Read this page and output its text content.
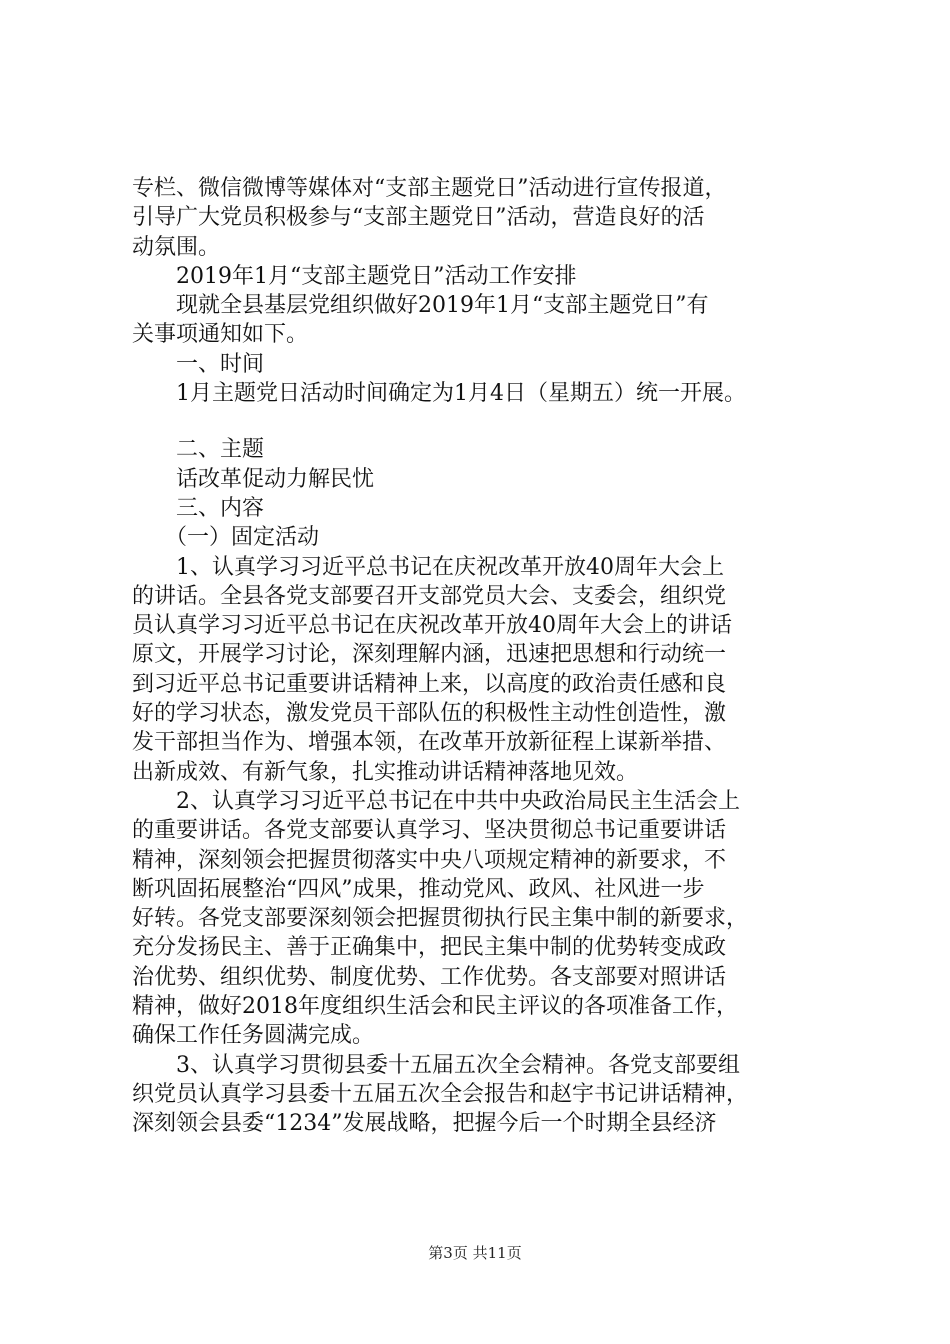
专栏、微信微博等媒体对“支部主题党日”活动进行宣传报道，
引导广大党员积极参与“支部主题党日”活动，营造良好的活
动氛围。
　　2019年1月“支部主题党日”活动工作安排
　　现就全县基层党组织做好2019年1月“支部主题党日”有
关事项通知如下。
　　一、时间
　　1月主题党日活动时间确定为1月4日（星期五）统一开展。
　　二、主题
　　话改革促动力解民忧
　　三、内容
　　（一）固定活动
　　1、认真学习习近平总书记在庆祝改革开放40周年大会上
的讲话。全县各党支部要召开支部党员大会、支委会，组织党
员认真学习习近平总书记在庆祝改革开放40周年大会上的讲话
原文，开展学习讨论，深刻理解内涵，迅速把思想和行动统一
到习近平总书记重要讲话精神上来，以高度的政治责任感和良
好的学习状态，激发党员干部队伍的积极性主动性创造性，激
发干部担当作为、增强本领，在改革开放新征程上谋新举措、
出新成效、有新气象，扎实推动讲话精神落地见效。
　　2、认真学习习近平总书记在中共中央政治局民主生活会上
的重要讲话。各党支部要认真学习、坚决贯彻总书记重要讲话
精神，深刻领会把握贯彻落实中央八项规定精神的新要求，不
断巩固拓展整治“四风”成果，推动党风、政风、社风进一步
好转。各党支部要深刻领会把握贯彻执行民主集中制的新要求，
充分发扬民主、善于正确集中，把民主集中制的优势转变成政
治优势、组织优势、制度优势、工作优势。各支部要对照讲话
精神，做好2018年度组织生活会和民主评议的各项准备工作，
确保工作任务圆满完成。
　　3、认真学习贯彻县委十五届五次全会精神。各党支部要组
织党员认真学习县委十五届五次全会报告和赵宇书记讲话精神，
深刻领会县委“1234”发展战略，把握今后一个时期全县经济
第3页 共11页
